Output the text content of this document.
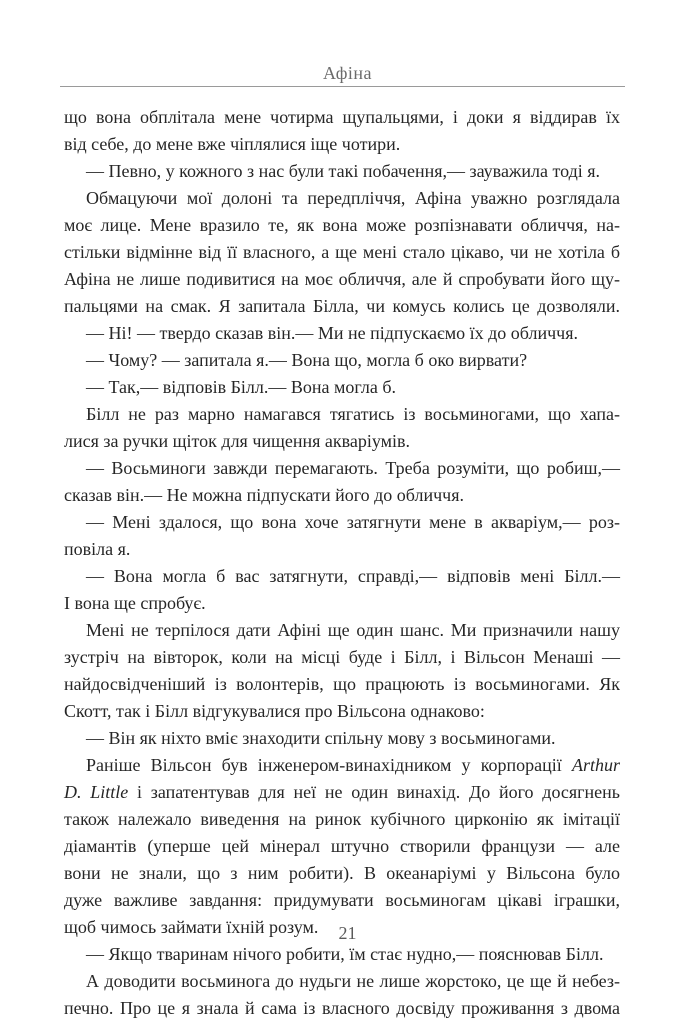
Афіна
що вона обплітала мене чотирма щупальцями, і доки я віддирав їх
від себе, до мене вже чіплялися іще чотири.
— Певно, у кожного з нас були такі побачення,— зауважила тоді я.
Обмацуючи мої долоні та передпліччя, Афіна уважно розглядала
моє лице. Мене вразило те, як вона може розпізнавати обличчя, на-
стільки відмінне від її власного, а ще мені стало цікаво, чи не хотіла б
Афіна не лише подивитися на моє обличчя, але й спробувати його щу-
пальцями на смак. Я запитала Білла, чи комусь колись це дозволяли.
— Ні! — твердо сказав він.— Ми не підпускаємо їх до обличчя.
— Чому? — запитала я.— Вона що, могла б око вирвати?
— Так,— відповів Білл.— Вона могла б.
Білл не раз марно намагався тягатись із восьминогами, що хапа-
лися за ручки щіток для чищення акваріумів.
— Восьминоги завжди перемагають. Треба розуміти, що робиш,—
сказав він.— Не можна підпускати його до обличчя.
— Мені здалося, що вона хоче затягнути мене в акваріум,— роз-
повіла я.
— Вона могла б вас затягнути, справді,— відповів мені Білл.—
І вона ще спробує.
Мені не терпілося дати Афіні ще один шанс. Ми призначили нашу
зустріч на вівторок, коли на місці буде і Білл, і Вільсон Менаші —
найдосвідченіший із волонтерів, що працюють із восьминогами. Як
Скотт, так і Білл відгукувалися про Вільсона однаково:
— Він як ніхто вміє знаходити спільну мову з восьминогами.
Раніше Вільсон був інженером-винахідником у корпорації Arthur
D. Little і запатентував для неї не один винахід. До його досягнень
також належало виведення на ринок кубічного цирконію як імітації
діамантів (уперше цей мінерал штучно створили французи — але
вони не знали, що з ним робити). В океанаріумі у Вільсона було
дуже важливе завдання: придумувати восьминогам цікаві іграшки,
щоб чимось займати їхній розум.
— Якщо тваринам нічого робити, їм стає нудно,— пояснював Білл.
А доводити восьминога до нудьги не лише жорстоко, це ще й небез-
печно. Про це я знала й сама із власного досвіду проживання з двома
21
